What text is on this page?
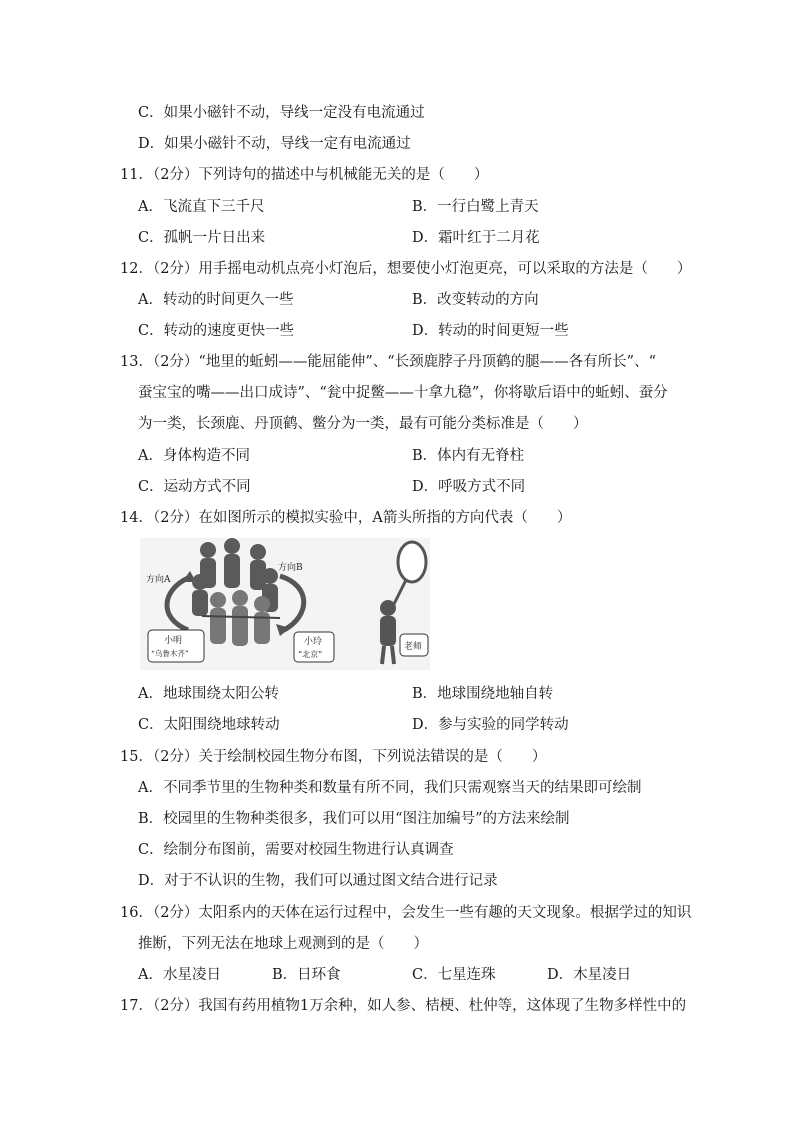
C．如果小磁针不动，导线一定没有电流通过
D．如果小磁针不动，导线一定有电流通过
11．（2分）下列诗句的描述中与机械能无关的是（　　）
A．飞流直下三千尺	B．一行白鹭上青天
C．孤帆一片日出来	D．霜叶红于二月花
12．（2分）用手摇电动机点亮小灯泡后，想要使小灯泡更亮，可以采取的方法是（　　）
A．转动的时间更久一些	B．改变转动的方向
C．转动的速度更快一些	D．转动的时间更短一些
13．（2分）“地里的蚯蚓——能屈能伸”、“长颈鹿脖子丹顶鹤的腿——各有所长”、“
蚕宝宝的嘴——出口成诗”、“瓮中捉鳖——十拿九稳”，你将歇后语中的蚯蚓、蚕分
为一类，长颈鹿、丹顶鹤、鳖分为一类，最有可能分类标准是（　　）
A．身体构造不同	B．体内有无脊柱
C．运动方式不同	D．呼吸方式不同
14．（2分）在如图所示的模拟实验中，A箭头所指的方向代表（　　）
方向A
方向B
小明
“乌鲁木齐”
小玲
“北京”
老师
A．地球围绕太阳公转	B．地球围绕地轴自转
C．太阳围绕地球转动	D．参与实验的同学转动
15．（2分）关于绘制校园生物分布图，下列说法错误的是（　　）
A．不同季节里的生物种类和数量有所不同，我们只需观察当天的结果即可绘制
B．校园里的生物种类很多，我们可以用“图注加编号”的方法来绘制
C．绘制分布图前，需要对校园生物进行认真调查
D．对于不认识的生物，我们可以通过图文结合进行记录
16．（2分）太阳系内的天体在运行过程中，会发生一些有趣的天文现象。根据学过的知识
推断，下列无法在地球上观测到的是（　　）
A．水星凌日	B．日环食	C．七星连珠	D．木星凌日
17．（2分）我国有药用植物1万余种，如人参、桔梗、杜仲等，这体现了生物多样性中的
